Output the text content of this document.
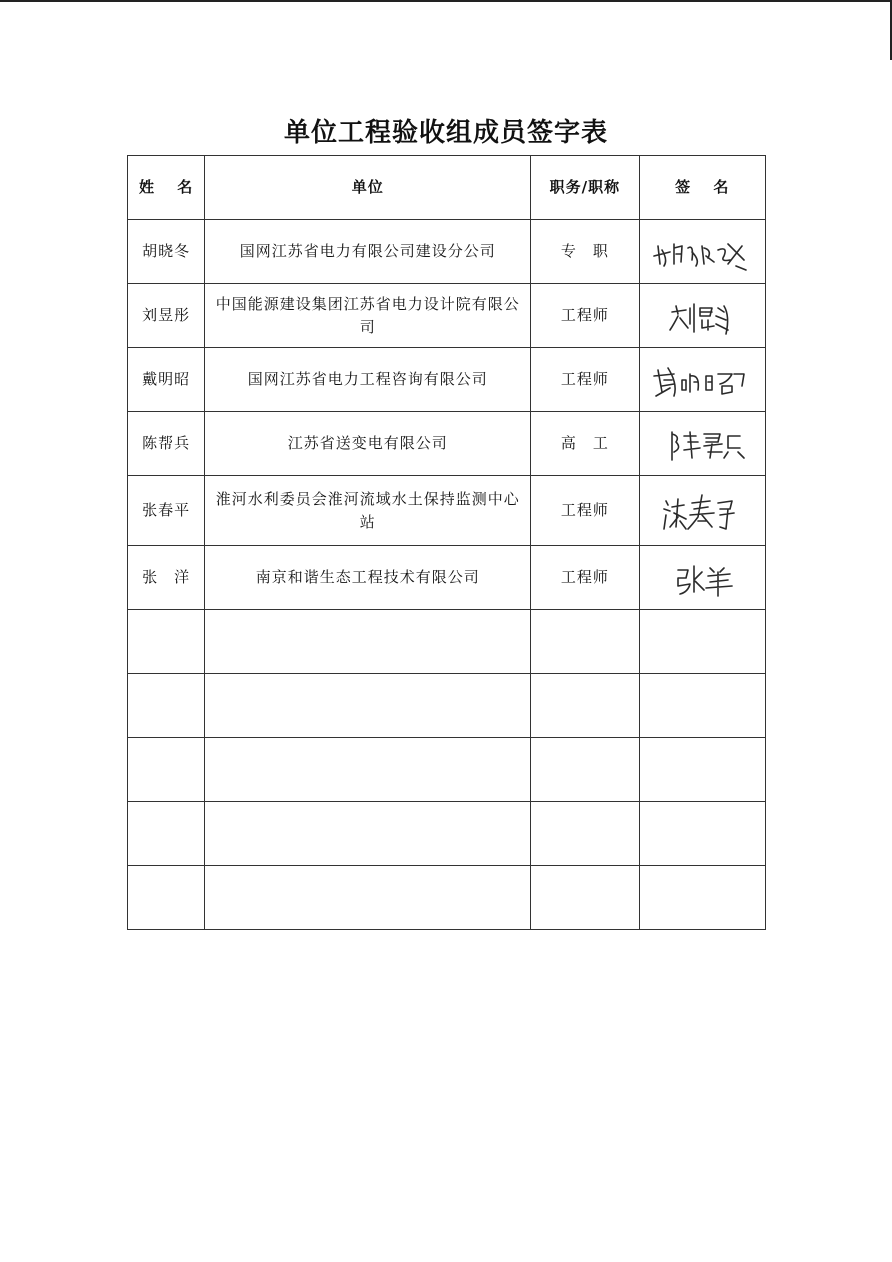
单位工程验收组成员签字表
姓　 名	单位	职务/职称	签　 名
胡晓冬	国网江苏省电力有限公司建设分公司	专　职	

刘昱彤	中国能源建设集团江苏省电力设计院有限公司	工程师	

戴明昭	国网江苏省电力工程咨询有限公司	工程师	

陈帮兵	江苏省送变电有限公司	高　工	

张春平	淮河水利委员会淮河流域水土保持监测中心站	工程师	

张　洋	南京和谐生态工程技术有限公司	工程师	
